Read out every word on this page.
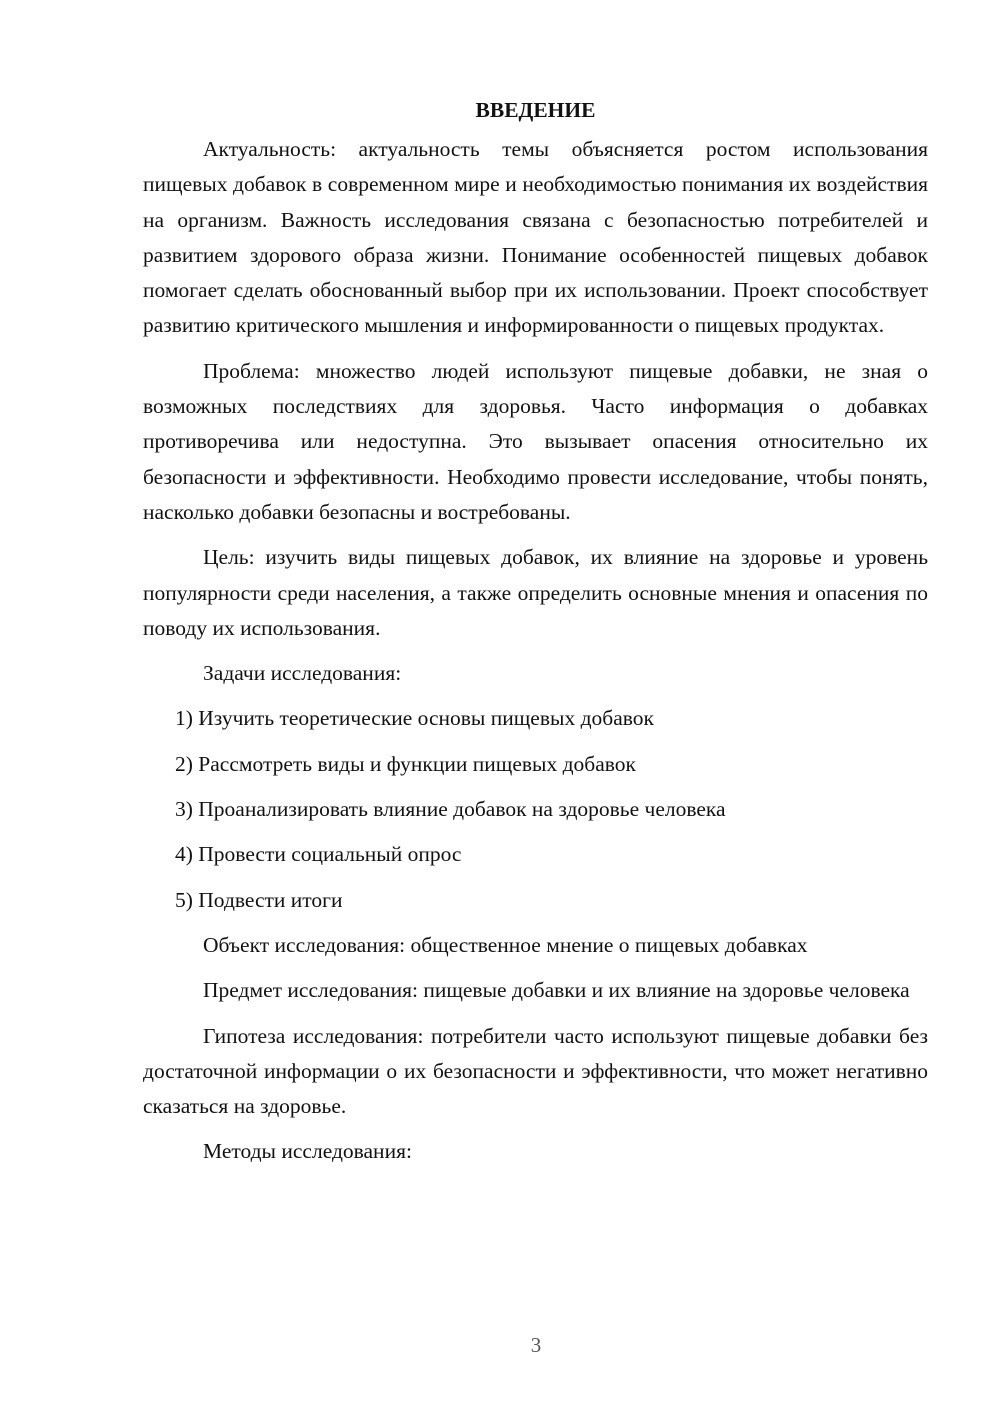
ВВЕДЕНИЕ

Актуальность: актуальность темы объясняется ростом использования пищевых добавок в современном мире и необходимостью понимания их воздействия на организм. Важность исследования связана с безопасностью потребителей и развитием здорового образа жизни. Понимание особенностей пищевых добавок помогает сделать обоснованный выбор при их использовании. Проект способствует развитию критического мышления и информированности о пищевых продуктах.

Проблема: множество людей используют пищевые добавки, не зная о возможных последствиях для здоровья. Часто информация о добавках противоречива или недоступна. Это вызывает опасения относительно их безопасности и эффективности. Необходимо провести исследование, чтобы понять, насколько добавки безопасны и востребованы.

Цель: изучить виды пищевых добавок, их влияние на здоровье и уровень популярности среди населения, а также определить основные мнения и опасения по поводу их использования.

Задачи исследования:

1) Изучить теоретические основы пищевых добавок
2) Рассмотреть виды и функции пищевых добавок
3) Проанализировать влияние добавок на здоровье человека
4) Провести социальный опрос
5) Подвести итоги

Объект исследования: общественное мнение о пищевых добавках

Предмет исследования: пищевые добавки и их влияние на здоровье человека

Гипотеза исследования: потребители часто используют пищевые добавки без достаточной информации о их безопасности и эффективности, что может негативно сказаться на здоровье.

Методы исследования:

3
